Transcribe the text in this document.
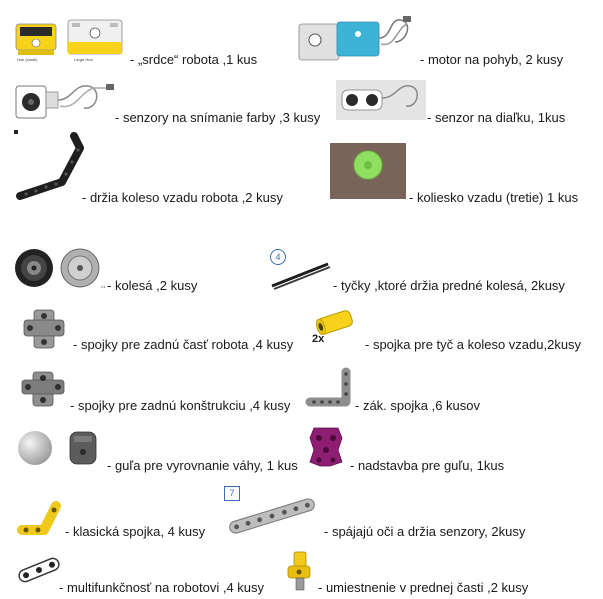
Hub (small)	Large Hub	- „srdce“ robota ,1 kus	- motor na pohyb, 2 kusy
- senzory na snímanie farby ,3 kusy	- senzor na diaľku, 1kus
- držia koleso vzadu robota ,2 kusy	- koliesko vzadu (tretie) 1 kus
x1 - kolesá ,2 kusy
4
- tyčky ,ktoré držia predné kolesá, 2kusy
- spojky pre zadnú časť robota ,4 kusy 2x	- spojka pre tyč a koleso vzadu,2kusy
- spojky pre zadnú konštrukciu ,4 kusy	- zák. spojka ,6 kusov
- guľa pre vyrovnanie váhy, 1 kus	- nadstavba pre guľu, 1kus
- klasická spojka, 4 kusy
7
- spájajú oči a držia senzory, 2kusy
- multifunkčnosť na robotovi ,4 kusy	- umiestnenie v prednej časti ,2 kusy
